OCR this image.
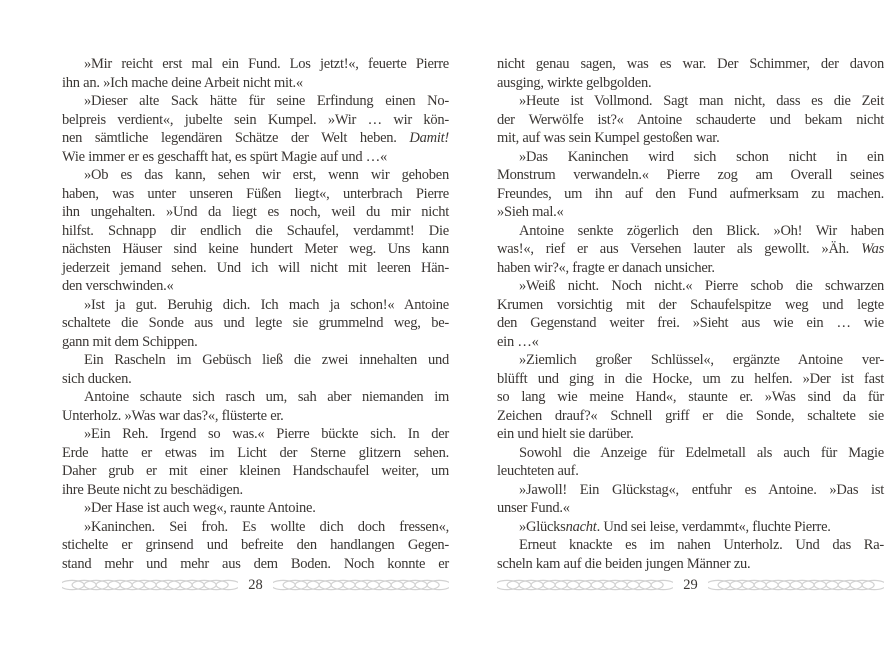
»Mir reicht erst mal ein Fund. Los jetzt!«, feuerte Pierre
ihn an. »Ich mache deine Arbeit nicht mit.«
»Dieser alte Sack hätte für seine Erfindung einen No-
belpreis verdient«, jubelte sein Kumpel. »Wir … wir kön-
nen sämtliche legendären Schätze der Welt heben. Damit!
Wie immer er es geschafft hat, es spürt Magie auf und …«
»Ob es das kann, sehen wir erst, wenn wir gehoben
haben, was unter unseren Füßen liegt«, unterbrach Pierre
ihn ungehalten. »Und da liegt es noch, weil du mir nicht
hilfst. Schnapp dir endlich die Schaufel, verdammt! Die
nächsten Häuser sind keine hundert Meter weg. Uns kann
jederzeit jemand sehen. Und ich will nicht mit leeren Hän-
den verschwinden.«
»Ist ja gut. Beruhig dich. Ich mach ja schon!« Antoine
schaltete die Sonde aus und legte sie grummelnd weg, be-
gann mit dem Schippen.
Ein Rascheln im Gebüsch ließ die zwei innehalten und
sich ducken.
Antoine schaute sich rasch um, sah aber niemanden im
Unterholz. »Was war das?«, flüsterte er.
»Ein Reh. Irgend so was.« Pierre bückte sich. In der
Erde hatte er etwas im Licht der Sterne glitzern sehen.
Daher grub er mit einer kleinen Handschaufel weiter, um
ihre Beute nicht zu beschädigen.
»Der Hase ist auch weg«, raunte Antoine.
»Kaninchen. Sei froh. Es wollte dich doch fressen«,
stichelte er grinsend und befreite den handlangen Gegen-
stand mehr und mehr aus dem Boden. Noch konnte er
28
nicht genau sagen, was es war. Der Schimmer, der davon
ausging, wirkte gelbgolden.
»Heute ist Vollmond. Sagt man nicht, dass es die Zeit
der Werwölfe ist?« Antoine schauderte und bekam nicht
mit, auf was sein Kumpel gestoßen war.
»Das Kaninchen wird sich schon nicht in ein
Monstrum verwandeln.« Pierre zog am Overall seines
Freundes, um ihn auf den Fund aufmerksam zu machen.
»Sieh mal.«
Antoine senkte zögerlich den Blick. »Oh! Wir haben
was!«, rief er aus Versehen lauter als gewollt. »Äh. Was
haben wir?«, fragte er danach unsicher.
»Weiß nicht. Noch nicht.« Pierre schob die schwarzen
Krumen vorsichtig mit der Schaufelspitze weg und legte
den Gegenstand weiter frei. »Sieht aus wie ein … wie
ein …«
»Ziemlich großer Schlüssel«, ergänzte Antoine ver-
blüfft und ging in die Hocke, um zu helfen. »Der ist fast
so lang wie meine Hand«, staunte er. »Was sind da für
Zeichen drauf?« Schnell griff er die Sonde, schaltete sie
ein und hielt sie darüber.
Sowohl die Anzeige für Edelmetall als auch für Magie
leuchteten auf.
»Jawoll! Ein Glückstag«, entfuhr es Antoine. »Das ist
unser Fund.«
»Glücksnacht. Und sei leise, verdammt«, fluchte Pierre.
Erneut knackte es im nahen Unterholz. Und das Ra-
scheln kam auf die beiden jungen Männer zu.
29
